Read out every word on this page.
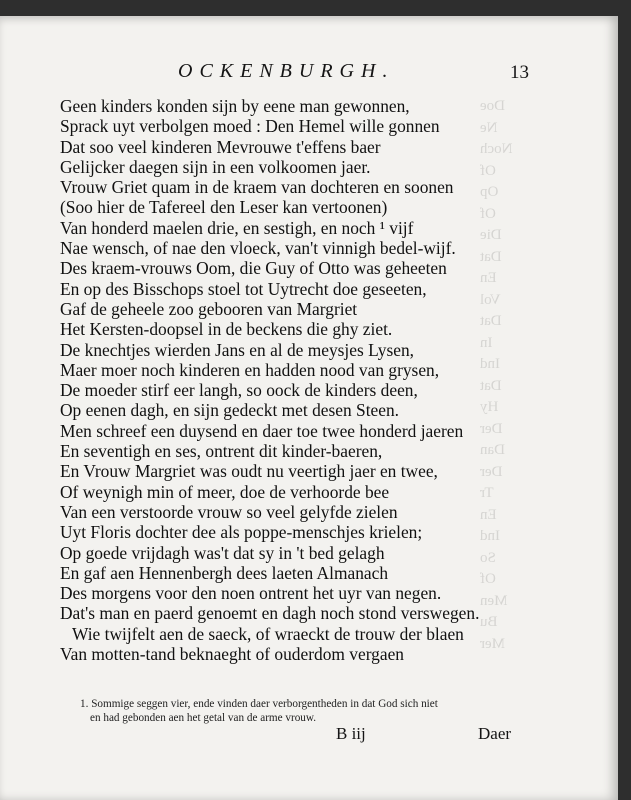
Doe
Ne
Noch
Of
Op
Of
Die
Dat
En
Vol
Dat
In
Ind
Dat
Hy
Der
Dan
Der
Tr
En
Ind
So
Of
Men
Bu
Mer
OCKENBURGH.	13
Geen kinders konden sijn by eene man gewonnen,
Sprack uyt verbolgen moed : Den Hemel wille gonnen
Dat soo veel kinderen Mevrouwe t'effens baer
Gelijcker daegen sijn in een volkoomen jaer.
Vrouw Griet quam in de kraem van dochteren en soonen
(Soo hier de Tafereel den Leser kan vertoonen)
Van honderd maelen drie, en sestigh, en noch ¹ vijf
Nae wensch, of nae den vloeck, van't vinnigh bedel-wijf.
Des kraem-vrouws Oom, die Guy of Otto was geheeten
En op des Bisschops stoel tot Uytrecht doe geseeten,
Gaf de geheele zoo gebooren van Margriet
Het Kersten-doopsel in de beckens die ghy ziet.
De knechtjes wierden Jans en al de meysjes Lysen,
Maer moer noch kinderen en hadden nood van grysen,
De moeder stirf eer langh, so oock de kinders deen,
Op eenen dagh, en sijn gedeckt met desen Steen.
Men schreef een duysend en daer toe twee honderd jaeren
En seventigh en ses, ontrent dit kinder-baeren,
En Vrouw Margriet was oudt nu veertigh jaer en twee,
Of weynigh min of meer, doe de verhoorde bee
Van een verstoorde vrouw so veel gelyfde zielen
Uyt Floris dochter dee als poppe-menschjes krielen;
Op goede vrijdagh was't dat sy in 't bed gelagh
En gaf aen Hennenbergh dees laeten Almanach
Des morgens voor den noen ontrent het uyr van negen.
Dat's man en paerd genoemt en dagh noch stond verswegen.
Wie twijfelt aen de saeck, of wraeckt de trouw der blaen
Van motten-tand beknaeght of ouderdom vergaen
1. Sommige seggen vier, ende vinden daer verborgentheden in dat God sich niet
en had gebonden aen het getal van de arme vrouw.
B iij	Daer
